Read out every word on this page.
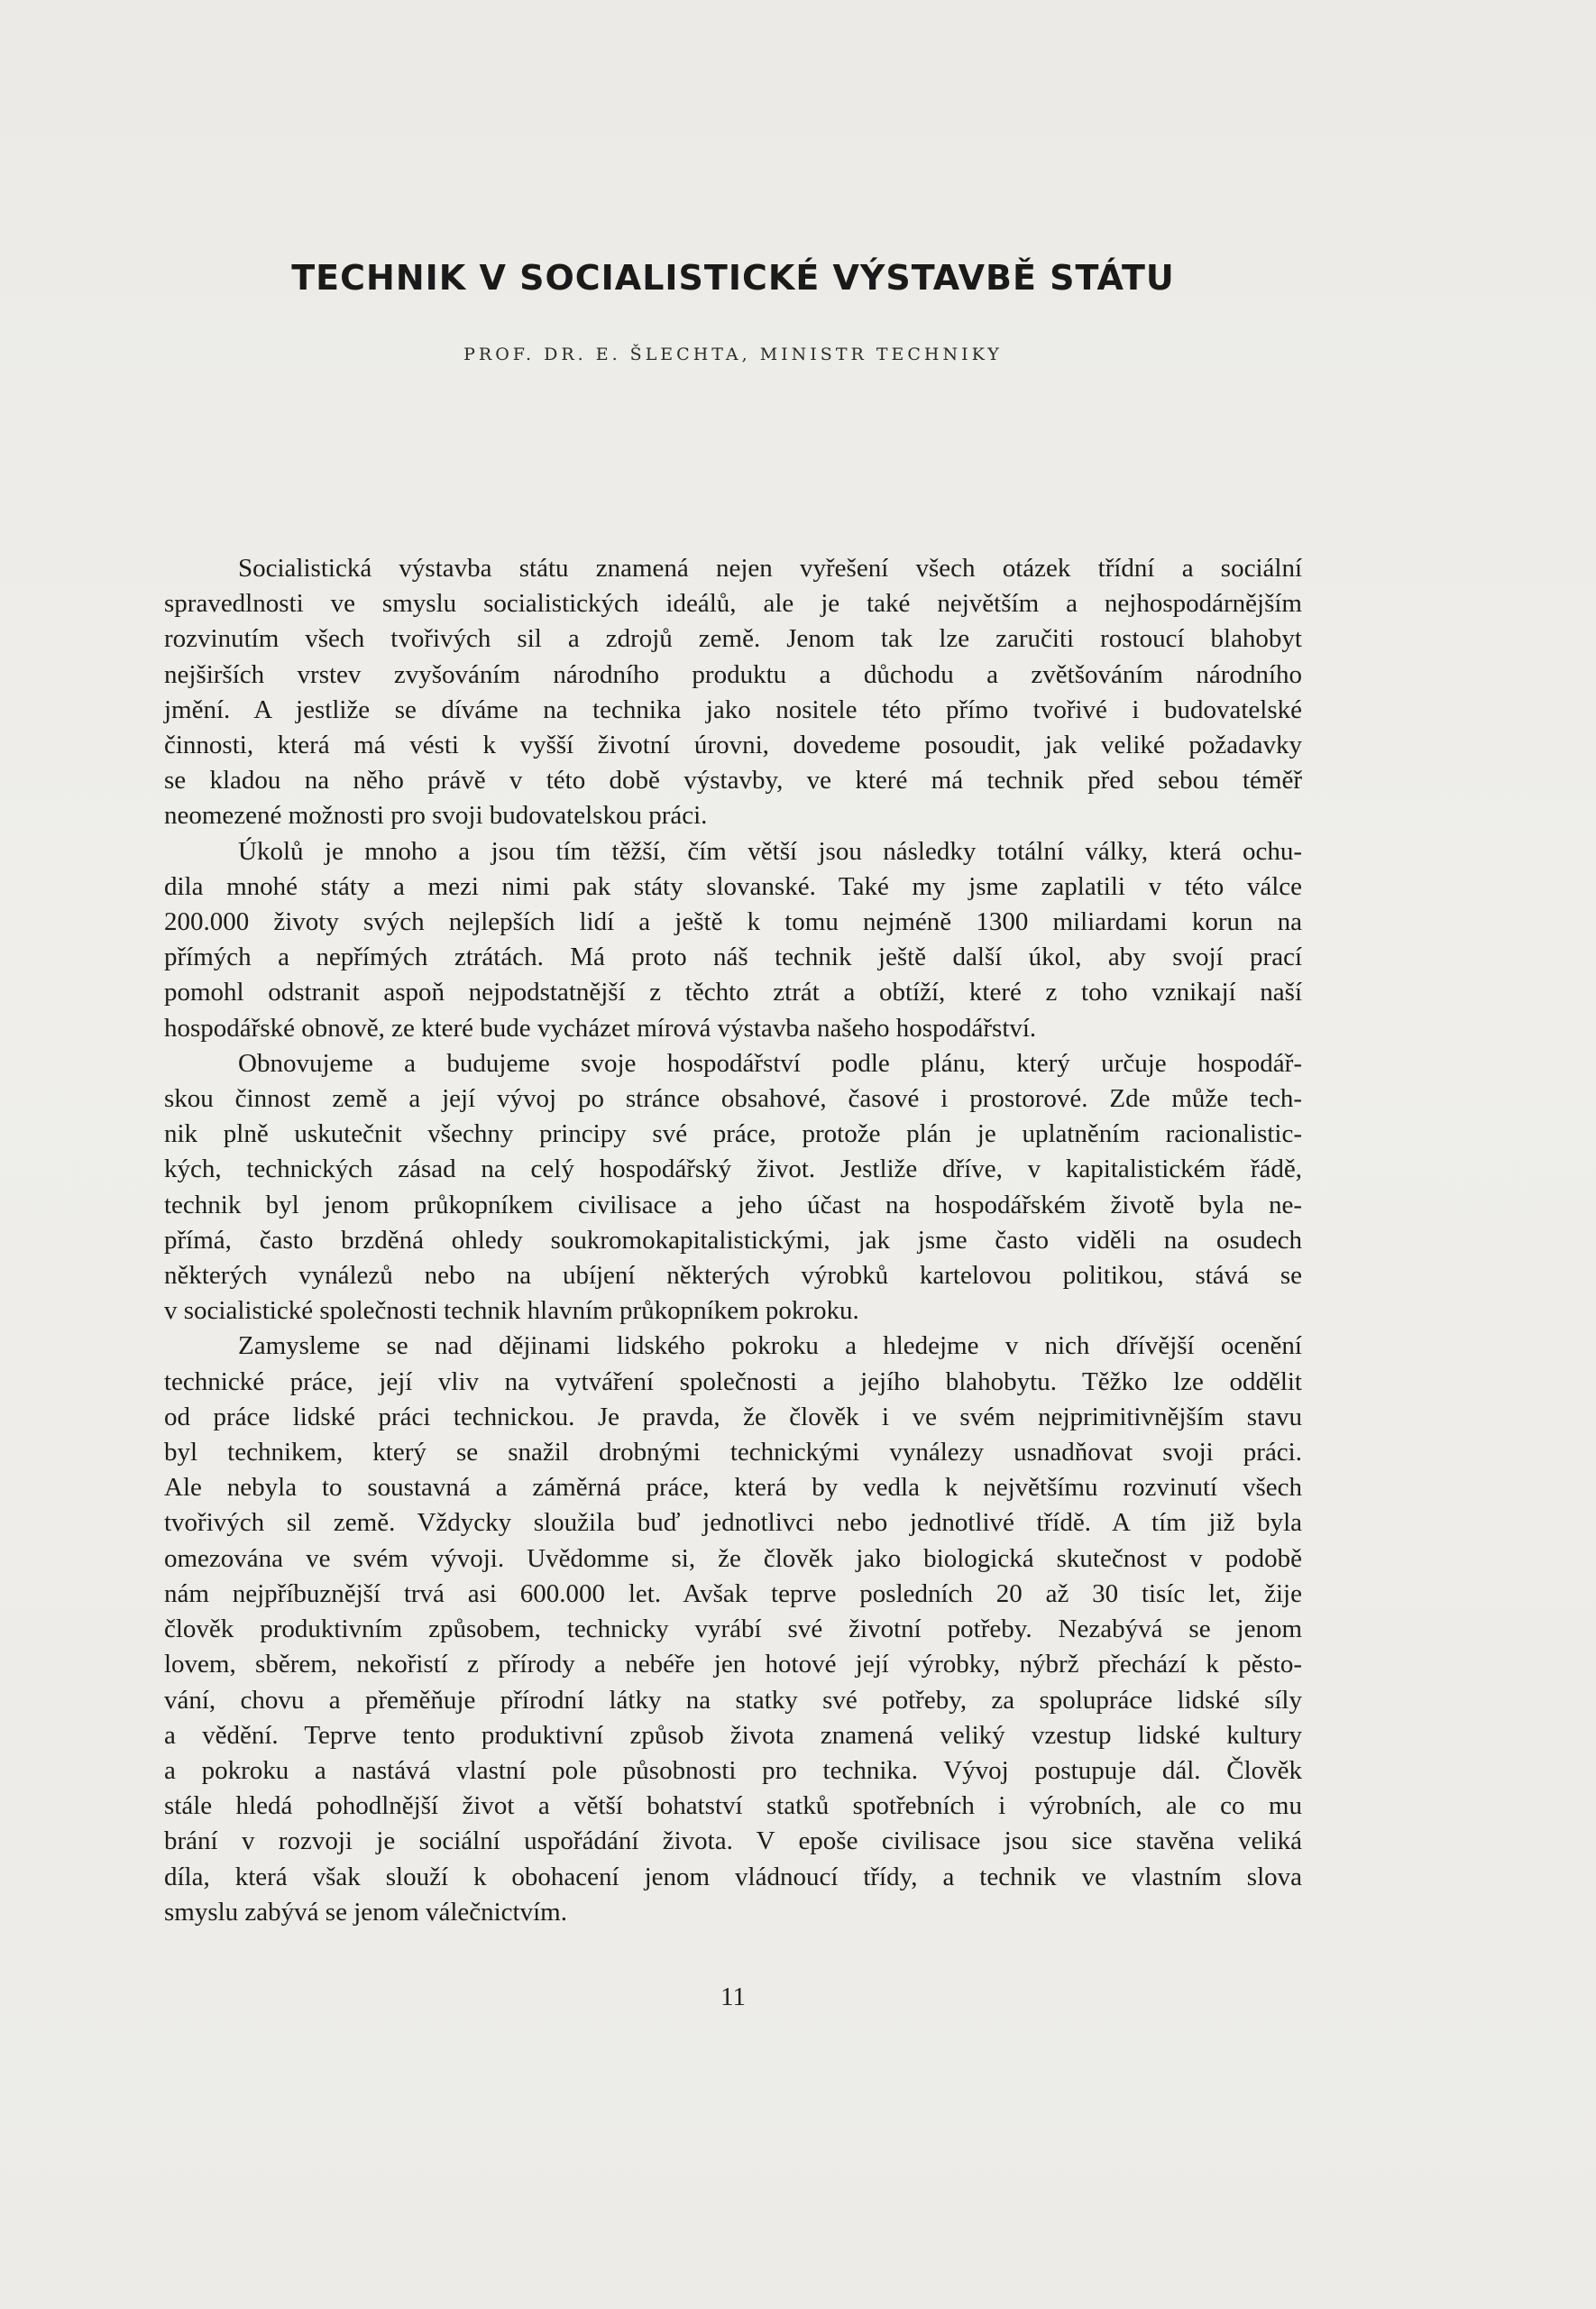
TECHNIK V SOCIALISTICKÉ VÝSTAVBĚ STÁTU
PROF. DR. E. ŠLECHTA, MINISTR TECHNIKY

Socialistická výstavba státu znamená nejen vyřešení všech otázek třídní a sociální
spravedlnosti ve smyslu socialistických ideálů, ale je také největším a nejhospodárnějším
rozvinutím všech tvořivých sil a zdrojů země. Jenom tak lze zaručiti rostoucí blahobyt
nejširších vrstev zvyšováním národního produktu a důchodu a zvětšováním národního
jmění. A jestliže se díváme na technika jako nositele této přímo tvořivé i budovatelské
činnosti, která má vésti k vyšší životní úrovni, dovedeme posoudit, jak veliké požadavky
se kladou na něho právě v této době výstavby, ve které má technik před sebou téměř
neomezené možnosti pro svoji budovatelskou práci.

Úkolů je mnoho a jsou tím těžší, čím větší jsou následky totální války, která ochu-
dila mnohé státy a mezi nimi pak státy slovanské. Také my jsme zaplatili v této válce
200.000 životy svých nejlepších lidí a ještě k tomu nejméně 1300 miliardami korun na
přímých a nepřímých ztrátách. Má proto náš technik ještě další úkol, aby svojí prací
pomohl odstranit aspoň nejpodstatnější z těchto ztrát a obtíží, které z toho vznikají naší
hospodářské obnově, ze které bude vycházet mírová výstavba našeho hospodářství.

Obnovujeme a budujeme svoje hospodářství podle plánu, který určuje hospodář-
skou činnost země a její vývoj po stránce obsahové, časové i prostorové. Zde může tech-
nik plně uskutečnit všechny principy své práce, protože plán je uplatněním racionalistic-
kých, technických zásad na celý hospodářský život. Jestliže dříve, v kapitalistickém řádě,
technik byl jenom průkopníkem civilisace a jeho účast na hospodářském životě byla ne-
přímá, často brzděná ohledy soukromokapitalistickými, jak jsme často viděli na osudech
některých vynálezů nebo na ubíjení některých výrobků kartelovou politikou, stává se
v socialistické společnosti technik hlavním průkopníkem pokroku.

Zamysleme se nad dějinami lidského pokroku a hledejme v nich dřívější ocenění
technické práce, její vliv na vytváření společnosti a jejího blahobytu. Těžko lze oddělit
od práce lidské práci technickou. Je pravda, že člověk i ve svém nejprimitivnějším stavu
byl technikem, který se snažil drobnými technickými vynálezy usnadňovat svoji práci.
Ale nebyla to soustavná a záměrná práce, která by vedla k největšímu rozvinutí všech
tvořivých sil země. Vždycky sloužila buď jednotlivci nebo jednotlivé třídě. A tím již byla
omezována ve svém vývoji. Uvědomme si, že člověk jako biologická skutečnost v podobě
nám nejpříbuznější trvá asi 600.000 let. Avšak teprve posledních 20 až 30 tisíc let, žije
člověk produktivním způsobem, technicky vyrábí své životní potřeby. Nezabývá se jenom
lovem, sběrem, nekořistí z přírody a nebéře jen hotové její výrobky, nýbrž přechází k pěsto-
vání, chovu a přeměňuje přírodní látky na statky své potřeby, za spolupráce lidské síly
a vědění. Teprve tento produktivní způsob života znamená veliký vzestup lidské kultury
a pokroku a nastává vlastní pole působnosti pro technika. Vývoj postupuje dál. Člověk
stále hledá pohodlnější život a větší bohatství statků spotřebních i výrobních, ale co mu
brání v rozvoji je sociální uspořádání života. V epoše civilisace jsou sice stavěna veliká
díla, která však slouží k obohacení jenom vládnoucí třídy, a technik ve vlastním slova
smyslu zabývá se jenom válečnictvím.

11
